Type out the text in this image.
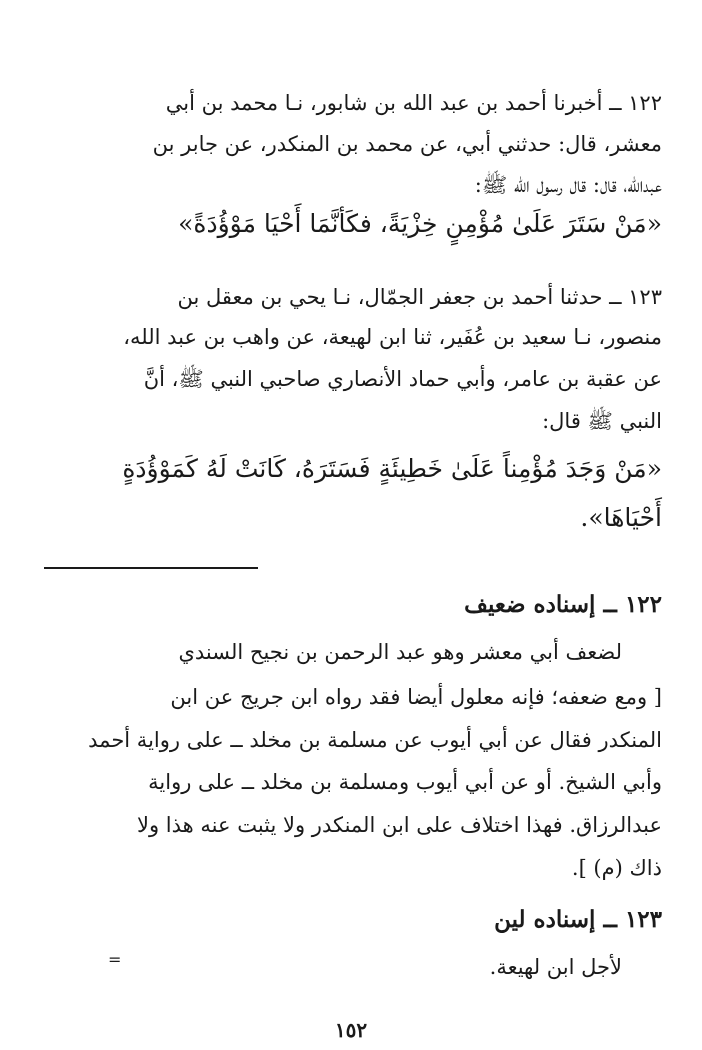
١٢٢ ــ أخبرنا أحمد بن عبد الله بن شابور، نـا محمد بن أبي
معشر، قال: حدثني أبي، عن محمد بن المنكدر، عن جابر بن
عبدالله، قال: قال رسول الله ﷺ:
«مَنْ سَتَرَ عَلَىٰ مُؤْمِنٍ خِزْيَةً، فكَأنَّمَا أَحْيَا مَوْؤُدَةً»
١٢٣ ــ حدثنا أحمد بن جعفر الجمّال، نـا يحي بن معقل بن
منصور، نـا سعيد بن عُفَير، ثنا ابن لهيعة، عن واهب بن عبد الله،
عن عقبة بن عامر، وأبي حماد الأنصاري صاحبي النبي ﷺ، أنَّ
النبي ﷺ قال:
«مَنْ وَجَدَ مُؤْمِناً عَلَىٰ خَطِيئَةٍ فَسَتَرَهُ، كَانَتْ لَهُ كَمَوْؤُدَةٍ
أَحْيَاهَا».
١٢٢ ــ إسناده ضعيف
لضعف أبي معشر وهو عبد الرحمن بن نجيح السندي
[ ومع ضعفه؛ فإنه معلول أيضا فقد رواه ابن جريج عن ابن
المنكدر فقال عن أبي أيوب عن مسلمة بن مخلد ــ على رواية أحمد
وأبي الشيخ. أو عن أبي أيوب ومسلمة بن مخلد ــ على رواية
عبدالرزاق. فهذا اختلاف على ابن المنكدر ولا يثبت عنه هذا ولا
ذاك (م) ].
١٢٣ ــ إسناده لين
لأجل ابن لهيعة.
=
١٥٢
